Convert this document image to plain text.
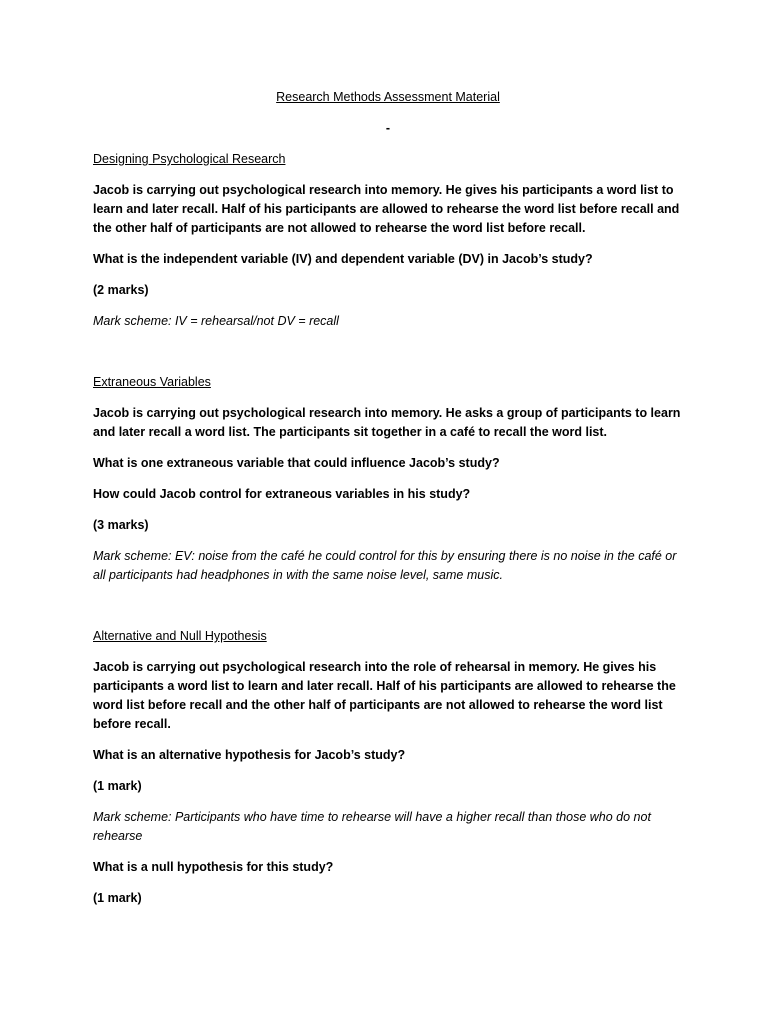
Research Methods Assessment Material

-

Designing Psychological Research

Jacob is carrying out psychological research into memory. He gives his participants a word list to learn and later recall. Half of his participants are allowed to rehearse the word list before recall and the other half of participants are not allowed to rehearse the word list before recall.

What is the independent variable (IV) and dependent variable (DV) in Jacob’s study?

(2 marks)

Mark scheme: IV = rehearsal/not DV = recall

Extraneous Variables

Jacob is carrying out psychological research into memory. He asks a group of participants to learn and later recall a word list. The participants sit together in a café to recall the word list.

What is one extraneous variable that could influence Jacob’s study?

How could Jacob control for extraneous variables in his study?

(3 marks)

Mark scheme: EV: noise from the café he could control for this by ensuring there is no noise in the café or all participants had headphones in with the same noise level, same music.

Alternative and Null Hypothesis

Jacob is carrying out psychological research into the role of rehearsal in memory. He gives his participants a word list to learn and later recall. Half of his participants are allowed to rehearse the word list before recall and the other half of participants are not allowed to rehearse the word list before recall.

What is an alternative hypothesis for Jacob’s study?

(1 mark)

Mark scheme: Participants who have time to rehearse will have a higher recall than those who do not rehearse

What is a null hypothesis for this study?

(1 mark)
